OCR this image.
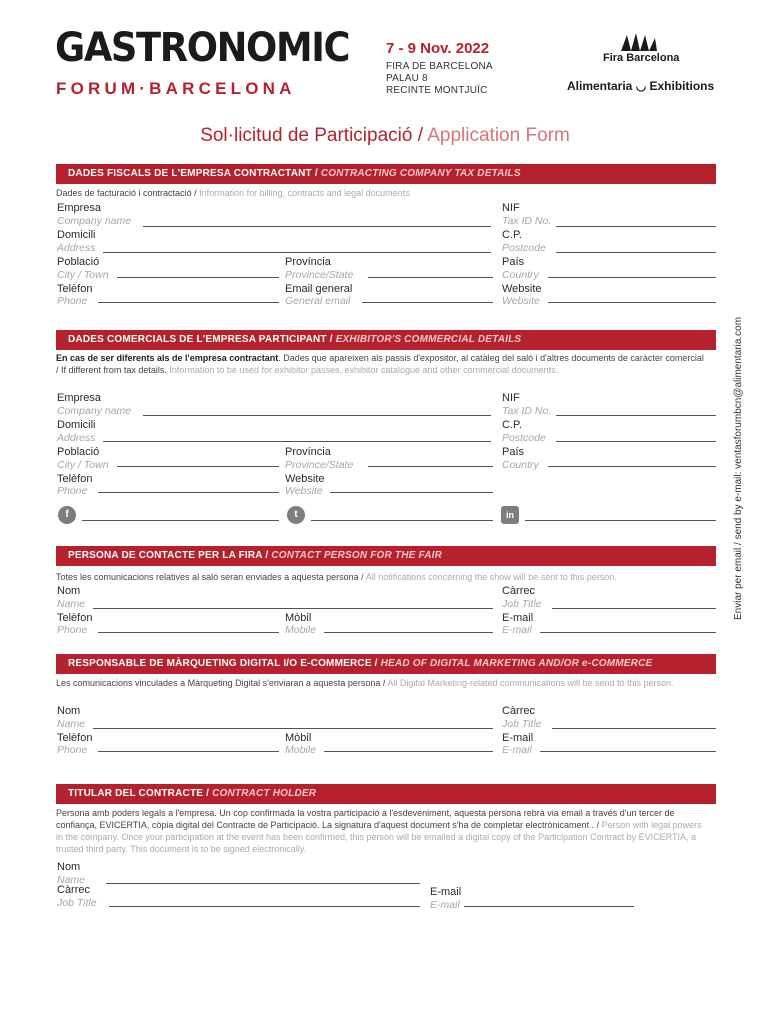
GASTRONOMIC
FORUM·BARCELONA
7 - 9 Nov. 2022
FIRA DE BARCELONA
PALAU 8
RECINTE MONTJUÏC
Fira Barcelona
Alimentaria ◡ Exhibitions
Sol·licitud de Participació / Application Form
Enviar per email / send by e-mail: ventasforumbcn@alimentaria.com
DADES FISCALS DE L'EMPRESA CONTRACTANT / CONTRACTING COMPANY TAX DETAILS
Dades de facturació i contractació / Information for billing, contracts and legal documents
Empresa
Company name
Domicili
Address
Població
City / Town
Telèfon
Phone
Província
Province/State
Email general
General email
NIF
Tax ID No.
C.P.
Postcode
País
Country
Website
Website
DADES COMERCIALS DE L'EMPRESA PARTICIPANT / EXHIBITOR'S COMMERCIAL DETAILS
En cas de ser diferents als de l'empresa contractant. Dades que apareixen als passis d'expositor, al catàleg del saló i d'altres documents de caràcter comercial / If different from tax details. Information to be used for exhibitor passes, exhibitor catalogue and other commercial documents.
Empresa
Company name
Domicili
Address
Població
City / Town
Telèfon
Phone
Província
Province/State
Website
Website
NIF
Tax ID No.
C.P.
Postcode
País
Country
f	t	in
PERSONA DE CONTACTE PER LA FIRA / CONTACT PERSON FOR THE FAIR
Totes les comunicacions relatives al saló seran enviades a aquesta persona / All notifications concerning the show will be sent to this person.
Nom
Name
Telèfon
Phone
Mòbil
Mobile
Càrrec
Job Title
E-mail
E-mail
RESPONSABLE DE MÀRQUETING DIGITAL I/O E-COMMERCE / HEAD OF DIGITAL MARKETING AND/OR e-COMMERCE
Les comunicacions vinculades a Màrqueting Digital s'enviaran a aquesta persona / All Digital Marketing-related communications will be send to this person.
Nom
Name
Telèfon
Phone
Mòbil
Mobile
Càrrec
Job Title
E-mail
E-mail
TITULAR DEL CONTRACTE / CONTRACT HOLDER
Persona amb poders legals a l'empresa. Un cop confirmada la vostra participació a l'esdeveniment, aquesta persona rebrà via email a través d'un tercer de confiança, EVICERTIA, còpia digital del Contracte de Participació. La signatura d'aquest document s'ha de completar electrònicament . / Person with legal powers in the company. Once your participation at the event has been confirmed, this person will be emailed a digital copy of the Participation Contract by EVICERTIA, a trusted third party. This document is to be signed electronically.
Nom
Name
Càrrec
Job Title
E-mail
E-mail
